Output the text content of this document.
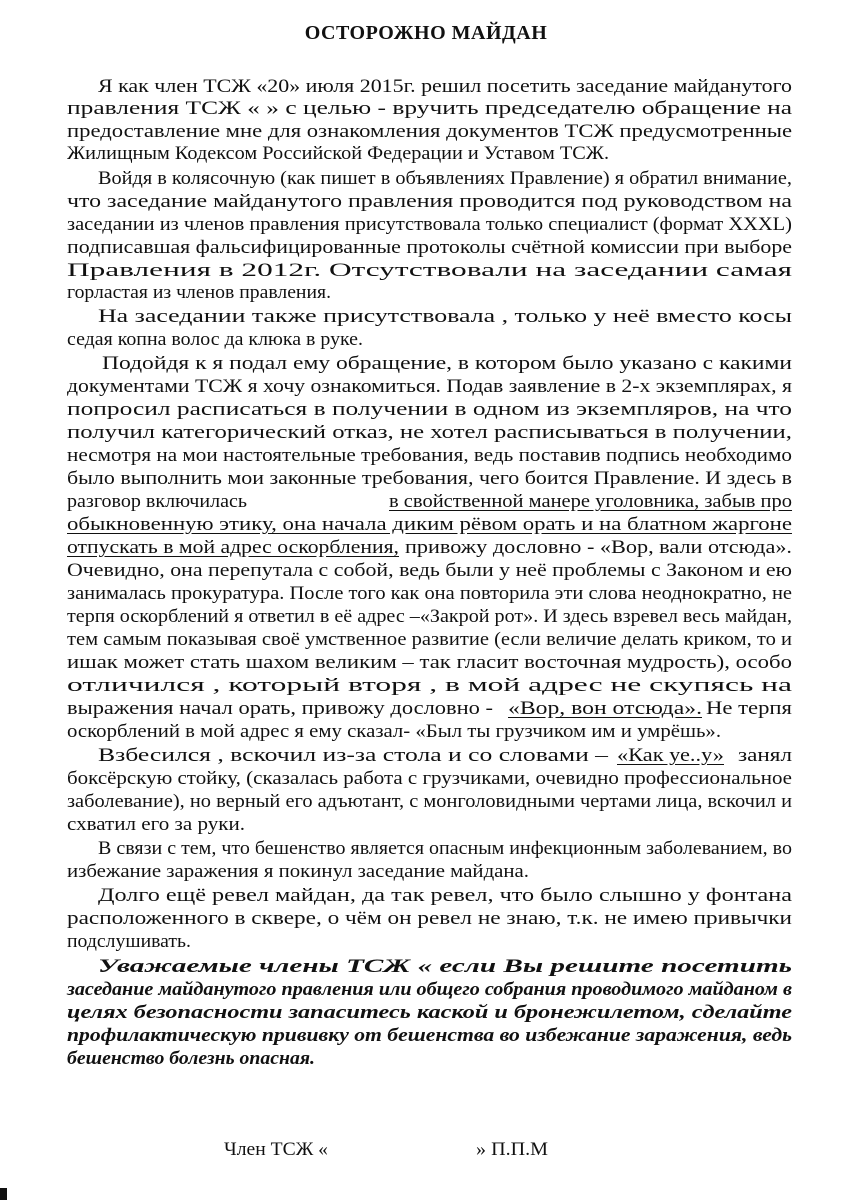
ОСТОРОЖНО МАЙДАН
Я как член ТСЖ «20» июля 2015г. решил посетить заседание майданутого
правления ТСЖ « » с целью - вручить председателю обращение на
предоставление мне для ознакомления документов ТСЖ предусмотренные
Жилищным Кодексом Российской Федерации и Уставом ТСЖ.
Войдя в колясочную (как пишет в объявлениях Правление) я обратил внимание,
что заседание майданутого правления проводится под руководством на
заседании из членов правления присутствовала только специалист (формат XXXL)
подписавшая фальсифицированные протоколы счётной комиссии при выборе
Правления в 2012г. Отсутствовали на заседании самая
горластая из членов правления.
На заседании также присутствовала , только у неё вместо косы
седая копна волос да клюка в руке.
Подойдя к я подал ему обращение, в котором было указано с какими
документами ТСЖ я хочу ознакомиться. Подав заявление в 2-х экземплярах, я
попросил расписаться в получении в одном из экземпляров, на что
получил категорический отказ, не хотел расписываться в получении,
несмотря на мои настоятельные требования, ведь поставив подпись необходимо
было выполнить мои законные требования, чего боится Правление. И здесь в
разговор включилась	в свойственной манере уголовника, забыв про
обыкновенную этику, она начала диким рёвом орать и на блатном жаргоне
отпускать в мой адрес оскорбления, привожу дословно - «Вор, вали отсюда».
Очевидно, она перепутала с собой, ведь были у неё проблемы с Законом и ею
занималась прокуратура. После того как она повторила эти слова неоднократно, не
терпя оскорблений я ответил в её адрес –«Закрой рот». И здесь взревел весь майдан,
тем самым показывая своё умственное развитие (если величие делать криком, то и
ишак может стать шахом великим – так гласит восточная мудрость), особо
отличился , который вторя , в мой адрес не скупясь на
выражения начал орать, привожу дословно - «Вор, вон отсюда». Не терпя
оскорблений в мой адрес я ему сказал- «Был ты грузчиком им и умрёшь».
Взбесился , вскочил из-за стола и со словами – «Как уе..у» занял
боксёрскую стойку, (сказалась работа с грузчиками, очевидно профессиональное
заболевание), но верный его адъютант, с монголовидными чертами лица, вскочил и
схватил его за руки.
В связи с тем, что бешенство является опасным инфекционным заболеванием, во
избежание заражения я покинул заседание майдана.
Долго ещё ревел майдан, да так ревел, что было слышно у фонтана
расположенного в сквере, о чём он ревел не знаю, т.к. не имею привычки
подслушивать.
Уважаемые члены ТСЖ « если Вы решите посетить
заседание майданутого правления или общего собрания проводимого майданом в
целях безопасности запаситесь каской и бронежилетом, сделайте
профилактическую прививку от бешенства во избежание заражения, ведь
бешенство болезнь опасная.
Член ТСЖ «	» П.П.М
